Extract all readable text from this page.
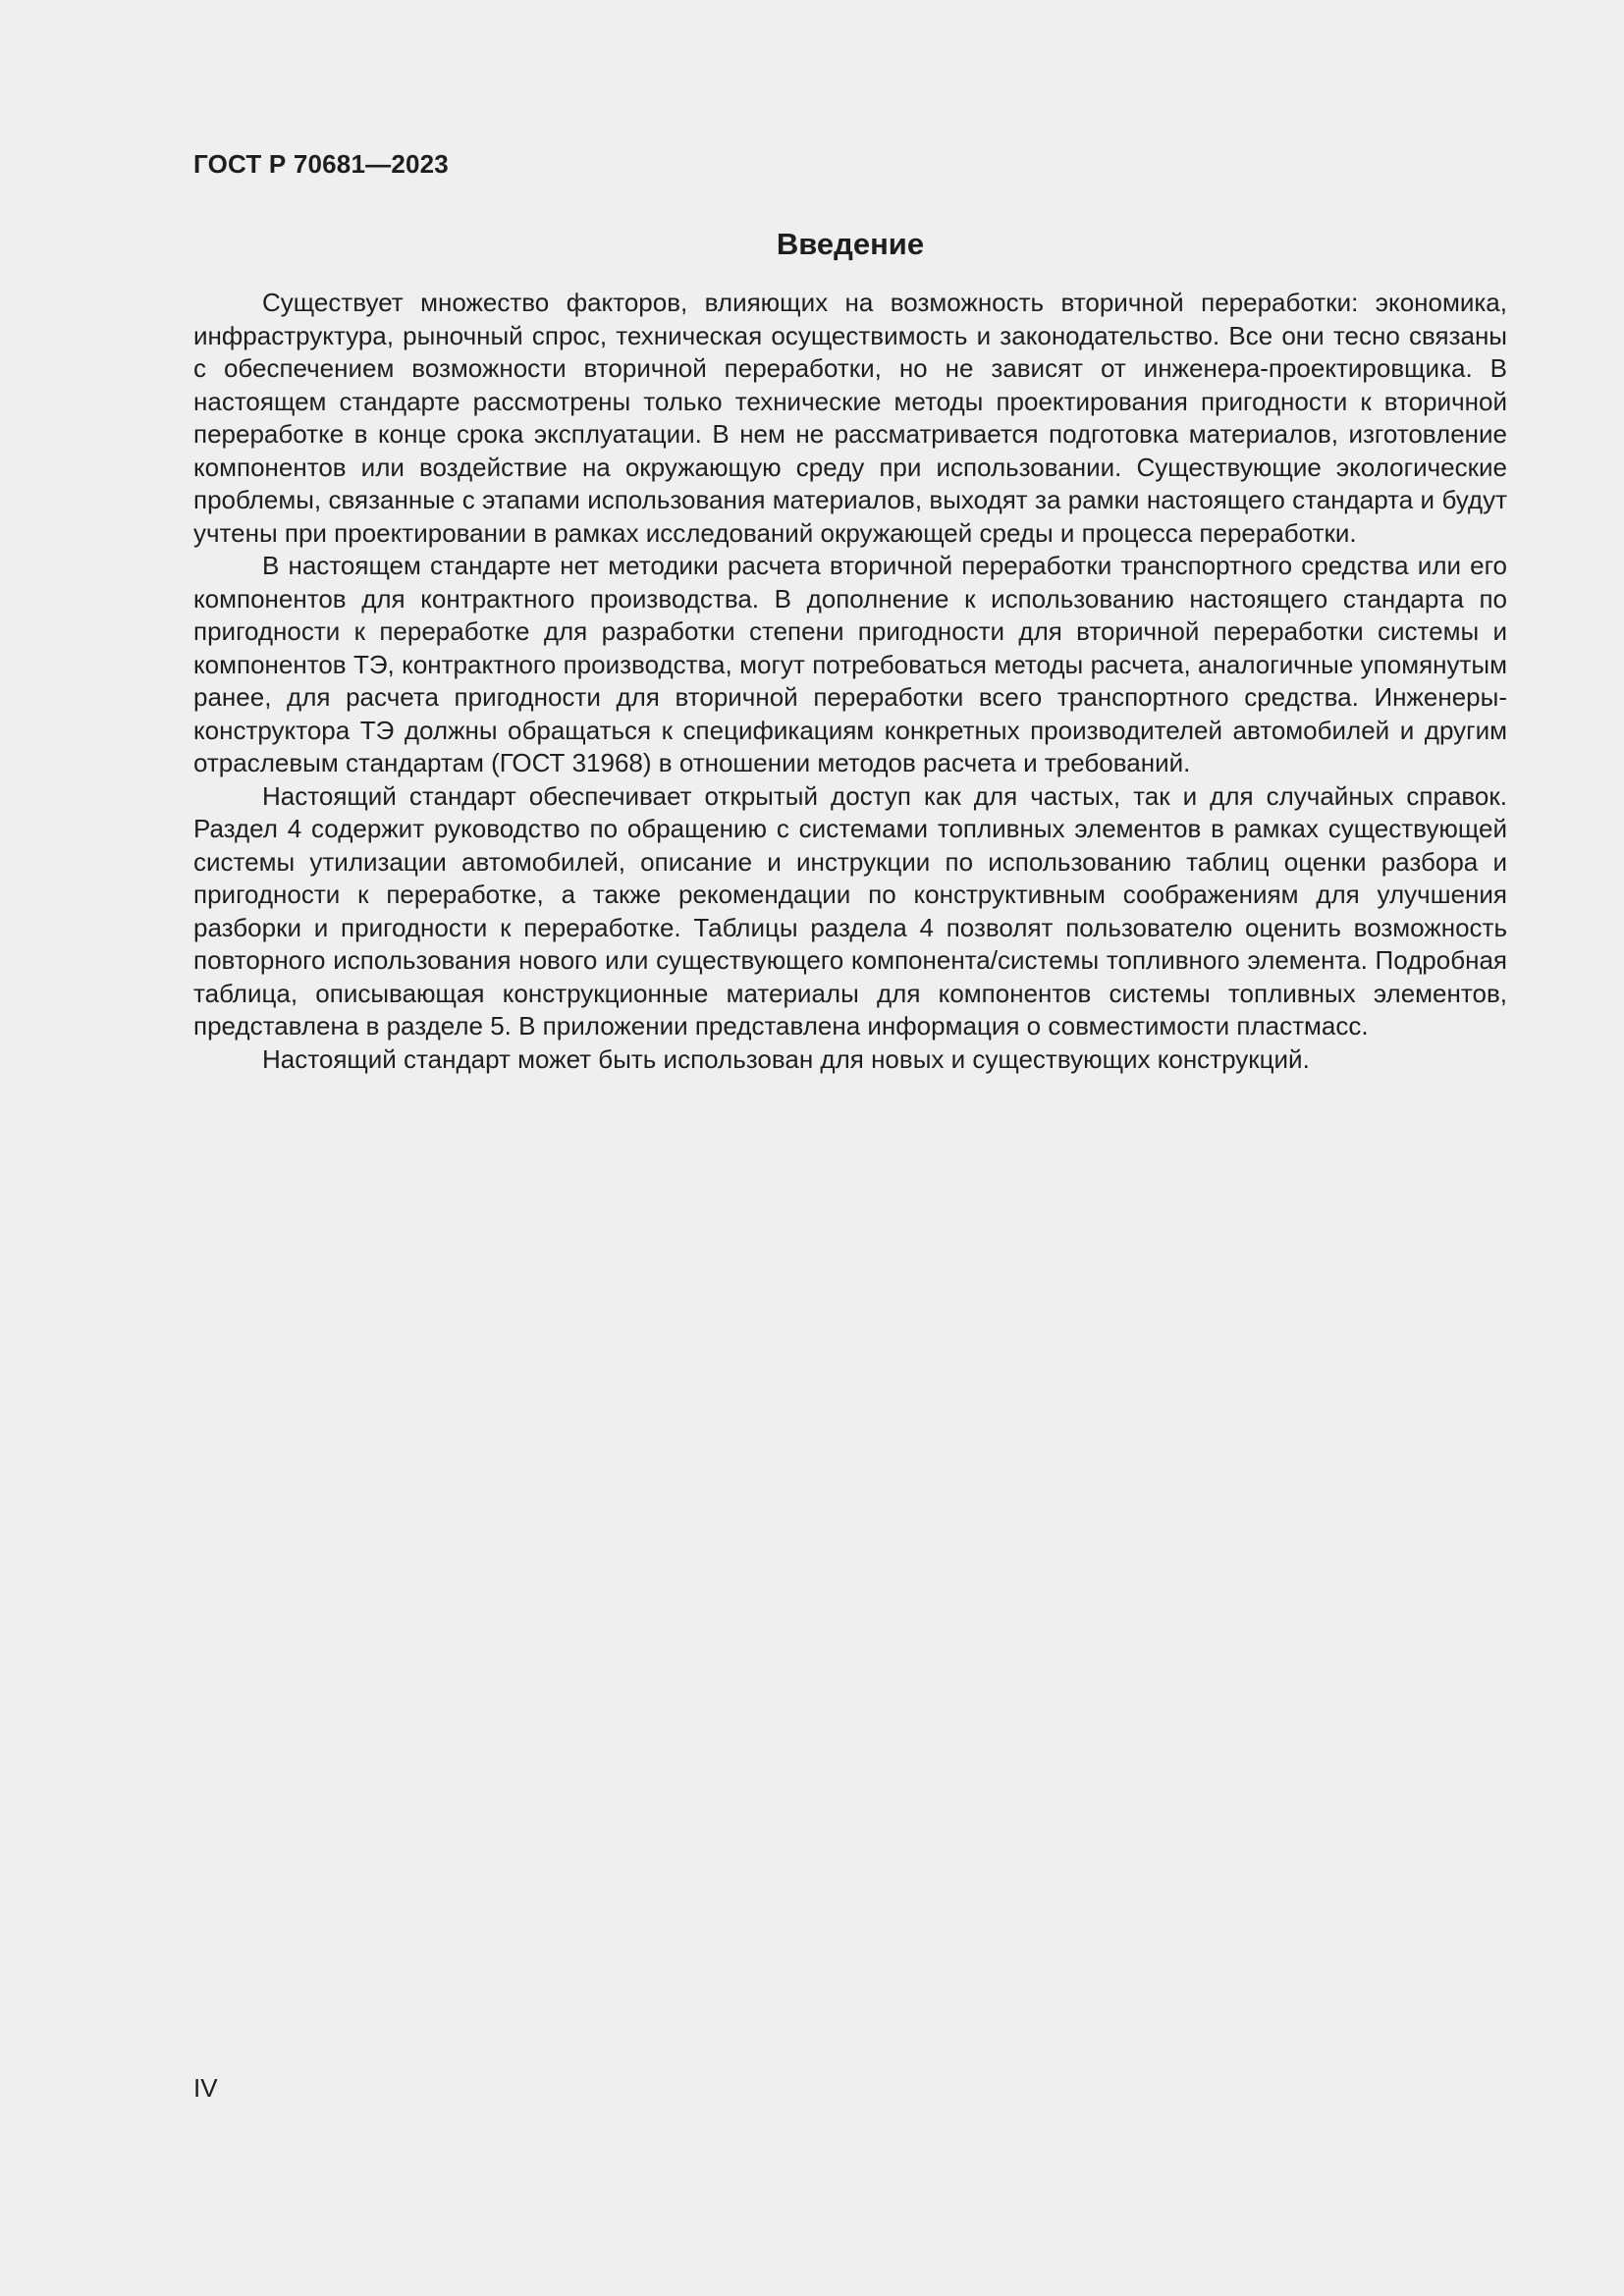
ГОСТ Р 70681—2023
Введение

Существует множество факторов, влияющих на возможность вторичной переработки: экономика, инфраструктура, рыночный спрос, техническая осуществимость и законодательство. Все они тесно связаны с обеспечением возможности вторичной переработки, но не зависят от инженера-проектировщика. В настоящем стандарте рассмотрены только технические методы проектирования пригодности к вторичной переработке в конце срока эксплуатации. В нем не рассматривается подготовка материалов, изготовление компонентов или воздействие на окружающую среду при использовании. Существующие экологические проблемы, связанные с этапами использования материалов, выходят за рамки настоящего стандарта и будут учтены при проектировании в рамках исследований окружающей среды и процесса переработки.

В настоящем стандарте нет методики расчета вторичной переработки транспортного средства или его компонентов для контрактного производства. В дополнение к использованию настоящего стандарта по пригодности к переработке для разработки степени пригодности для вторичной переработки системы и компонентов ТЭ, контрактного производства, могут потребоваться методы расчета, аналогичные упомянутым ранее, для расчета пригодности для вторичной переработки всего транспортного средства. Инженеры-конструктора ТЭ должны обращаться к спецификациям конкретных производителей автомобилей и другим отраслевым стандартам (ГОСТ 31968) в отношении методов расчета и требований.

Настоящий стандарт обеспечивает открытый доступ как для частых, так и для случайных справок. Раздел 4 содержит руководство по обращению с системами топливных элементов в рамках существующей системы утилизации автомобилей, описание и инструкции по использованию таблиц оценки разбора и пригодности к переработке, а также рекомендации по конструктивным соображениям для улучшения разборки и пригодности к переработке. Таблицы раздела 4 позволят пользователю оценить возможность повторного использования нового или существующего компонента/системы топливного элемента. Подробная таблица, описывающая конструкционные материалы для компонентов системы топливных элементов, представлена в разделе 5. В приложении представлена информация о совместимости пластмасс.

Настоящий стандарт может быть использован для новых и существующих конструкций.

IV
